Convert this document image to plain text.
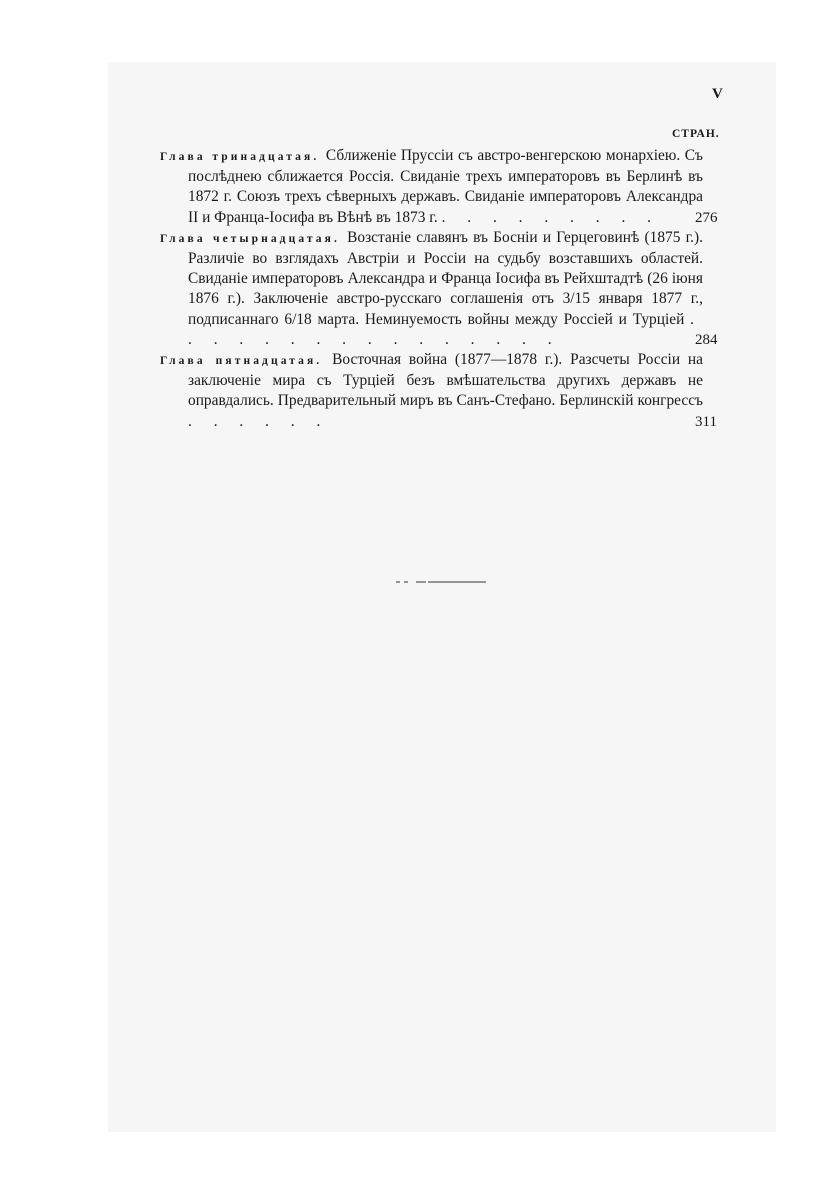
V
СТРАН.
Глава тринадцатая. Сближеніе Пруссіи съ австро-венгерскою монархіею. Съ послѣднею сближается Россія. Свиданіе трехъ императоровъ въ Берлинѣ въ 1872 г. Союзъ трехъ сѣверныхъ державъ. Свиданіе императоровъ Александра II и Франца-Іосифа въ Вѣнѣ въ 1873 г. . . . . . . . . . 276
Глава четырнадцатая. Возстаніе славянъ въ Босніи и Герцеговинѣ (1875 г.). Различіе во взглядахъ Австріи и Россіи на судьбу возставшихъ областей. Свиданіе императоровъ Александра и Франца Іосифа въ Рейхштадтѣ (26 іюня 1876 г.). Заключеніе австро-русскаго соглашенія отъ 3/15 января 1877 г., подписаннаго 6/18 марта. Неминуемость войны между Россіей и Турціей . . . . . . . . . . . . . . . .	284
Глава пятнадцатая. Восточная война (1877—1878 г.). Разсчеты Россіи на заключеніе мира съ Турціей безъ вмѣшательства другихъ державъ не оправдались. Предварительный миръ въ Санъ-Стефано. Берлинскій конгрессъ . . . . . .	311
